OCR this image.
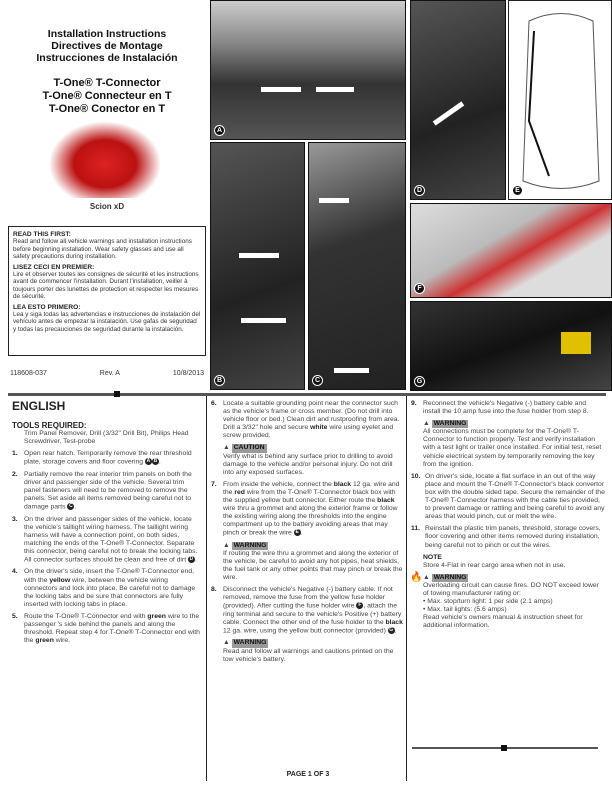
Installation Instructions
Directives de Montage
Instrucciones de Instalación
T-One® T-Connector
T-One® Connecteur en T
T-One® Conector en T
Scion xD
READ THIS FIRST:

Read and follow all vehicle warnings and installation instructions before beginning installation. Wear safety glasses and use all safety precautions during installation.

LISEZ CECI EN PREMIER:

Lire et observer toutes les consignes de sécurité et les instructions avant de commencer l'installation. Durant l'installation, veiller à toujours porter des lunettes de protection et respecter les mesures de sécurité.

LEA ESTO PRIMERO:

Lea y siga todas las advertencias e instrucciones de instalación del vehículo antes de empezar la instalación. Use gafas de seguridad y todas las precauciones de seguridad durante la instalación.

118608-037	Rev. A	10/8/2013
A
B	C
D	E
F
G
ENGLISH
TOOLS REQUIRED:
Trim Panel Remover, Drill (3/32" Drill Bit), Philips Head Screwdriver, Test-probe
1. Open rear hatch. Temporarily remove the rear threshold plate, storage covers and floor covering A B .
2. Partially remove the rear interior trim panels on both the driver and passenger side of the vehicle. Several trim panel fasteners will need to be removed to remove the panels. Set aside all items removed being careful not to damage parts C .
3. On the driver and passenger sides of the vehicle, locate the vehicle's taillight wiring harness. The taillight wiring harness will have a connection point, on both sides, matching the ends of the T-One® T-Connector. Separate this connector, being careful not to break the locking tabs. All connector surfaces should be clean and free of dirt D .
4. On the driver's side, insert the T-One® T-Connector end, with the yellow wire, between the vehicle wiring connectors and lock into place. Be careful not to damage the locking tabs and be sure that connectors are fully inserted with locking tabs in place.
5. Route the T-One® T-Connector end with green wire to the passenger 's side behind the panels and along the threshold. Repeat step 4 for T-One® T-Connector end with the green wire.
6. Locate a suitable grounding point near the connector such as the vehicle's frame or cross member. (Do not drill into vehicle floor or bed.) Clean dirt and rustproofing from area. Drill a 3/32" hole and secure white wire using eyelet and screw provided.
▲ CAUTION
Verify what is behind any surface prior to drilling to avoid damage to the vehicle and/or personal injury. Do not drill into any exposed surfaces.
7. From inside the vehicle, connect the black 12 ga. wire and the red wire from the T-One® T-Connector black box with the supplied yellow butt connector. Either route the black wire thru a grommet and along the exterior frame or follow the existing wiring along the thresholds into the engine compartment up to the battery avoiding areas that may pinch or break the wire E .
▲ WARNING
If routing the wire thru a grommet and along the exterior of the vehicle, be careful to avoid any hot pipes, heat shields, the fuel tank or any other points that may pinch or break the wire.
8. Disconnect the vehicle's Negative (-) battery cable. If not removed, remove the fuse from the yellow fuse holder (provided). After cutting the fuse holder wire F , attach the ring terminal and secure to the vehicle's Positive (+) battery cable. Connect the other end of the fuse holder to the black 12 ga. wire, using the yellow butt connector (provided) G .
▲ WARNING
Read and follow all warnings and cautions printed on the tow vehicle's battery.
9. Reconnect the vehicle's Negative (-) battery cable and install the 10 amp fuse into the fuse holder from step 8.
▲ WARNING
All connections must be complete for the T-One® T-Connector to function properly. Test and verify installation with a test light or trailer once installed. For initial test, reset vehicle electrical system by temporarily removing the key from the ignition.
10. On driver's side, locate a flat surface in an out of the way place and mount the T-One® T-Connector's black convertor box with the double sided tape. Secure the remainder of the T-One® T-Connector harness with the cable ties provided, to prevent damage or rattling and being careful to avoid any areas that would pinch, cut or melt the wire.
11. Reinstall the plastic trim panels, threshold, storage covers, floor covering and other items removed during installation, being careful not to pinch or cut the wires.
NOTE
Store 4-Flat in rear cargo area when not in use.
🔥 ▲ WARNING
Overloading circuit can cause fires. DO NOT exceed lower of towing manufacturer rating or:
• Max. stop/turn light: 1 per side (2.1 amps)
• Max. tail lights: (5.6 amps)
Read vehicle's owners manual & instruction sheet for additional information.
PAGE 1 OF 3
